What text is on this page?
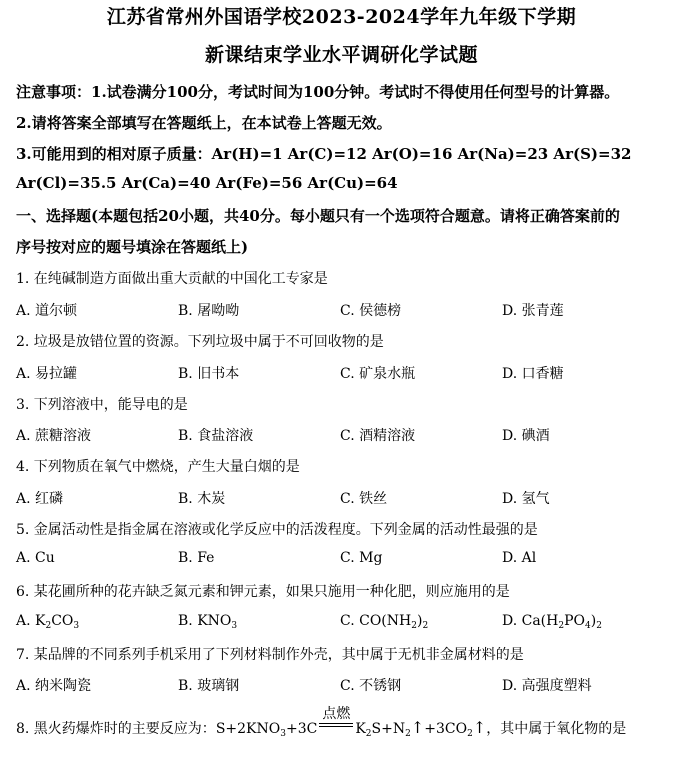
江苏省常州外国语学校2023-2024学年九年级下学期
新课结束学业水平调研化学试题
注意事项：1.试卷满分100分，考试时间为100分钟。考试时不得使用任何型号的计算器。
2.请将答案全部填写在答题纸上，在本试卷上答题无效。
3.可能用到的相对原子质量：Ar(H)=1 Ar(C)=12 Ar(O)=16 Ar(Na)=23 Ar(S)=32
Ar(Cl)=35.5 Ar(Ca)=40 Ar(Fe)=56 Ar(Cu)=64
一、选择题(本题包括20小题，共40分。每小题只有一个选项符合题意。请将正确答案前的
序号按对应的题号填涂在答题纸上)
1. 在纯碱制造方面做出重大贡献的中国化工专家是
A. 道尔顿	B. 屠呦呦	C. 侯德榜	D. 张青莲
2. 垃圾是放错位置的资源。下列垃圾中属于不可回收物的是
A. 易拉罐	B. 旧书本	C. 矿泉水瓶	D. 口香糖
3. 下列溶液中，能导电的是
A. 蔗糖溶液	B. 食盐溶液	C. 酒精溶液	D. 碘酒
4. 下列物质在氧气中燃烧，产生大量白烟的是
A. 红磷	B. 木炭	C. 铁丝	D. 氢气
5. 金属活动性是指金属在溶液或化学反应中的活泼程度。下列金属的活动性最强的是
A. Cu	B. Fe	C. Mg	D. Al
6. 某花圃所种的花卉缺乏氮元素和钾元素，如果只施用一种化肥，则应施用的是
A. $K_2CO_3$	B. $KNO_3$	C. $CO(NH_2)_2$	D. $Ca(H_2PO_4)_2$
7. 某品牌的不同系列手机采用了下列材料制作外壳，其中属于无机非金属材料的是
A. 纳米陶瓷	B. 玻璃钢	C. 不锈钢	D. 高强度塑料
8. 黑火药爆炸时的主要反应为：$S+2KNO_3+3C$
点燃
$K_2S+N_2↑+3CO_2↑$，其中属于氧化物的是
